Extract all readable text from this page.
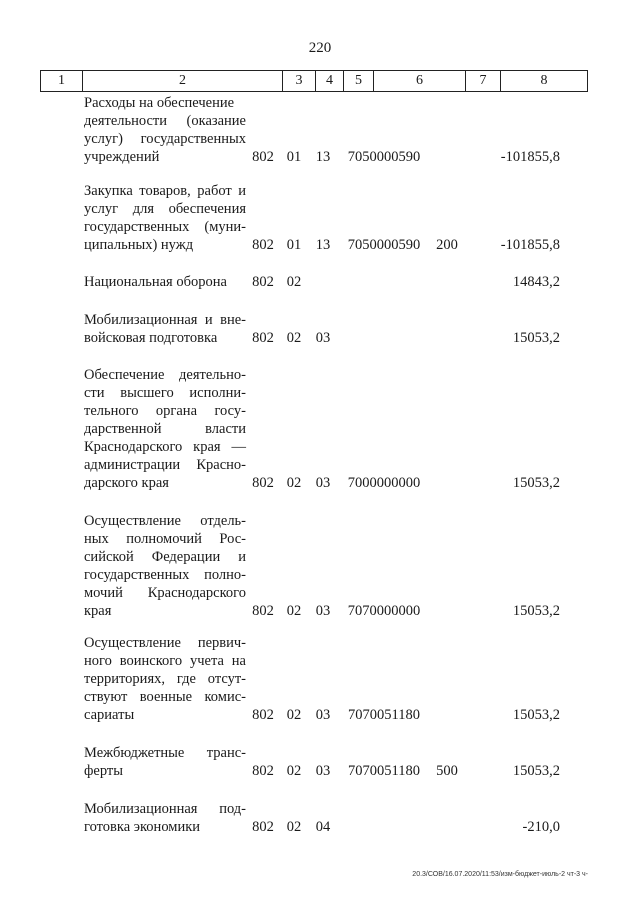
220
1	2	3	4	5	6	7	8
Расходы на обеспечение
деятельности (оказание
услуг) государственных
учреждений	802 01	13	7050000590	-101855,8
Закупка товаров, работ и
услуг для обеспечения
государственных (муни-
ципальных) нужд	802 01	13	7050000590	200	-101855,8
Национальная оборона	802 02	14843,2
Мобилизационная и вне-
войсковая подготовка	802 02	03	15053,2
Обеспечение деятельно-
сти высшего исполни-
тельного органа госу-
дарственной власти
Краснодарского края —
администрации Красно-
дарского края	802 02	03	7000000000	15053,2
Осуществление отдель-
ных полномочий Рос-
сийской Федерации и
государственных полно-
мочий Краснодарского
края	802 02	03	7070000000	15053,2
Осуществление первич-
ного воинского учета на
территориях, где отсут-
ствуют военные комис-
сариаты	802 02	03	7070051180	15053,2
Межбюджетные транс-
ферты	802 02	03	7070051180	500	15053,2
Мобилизационная под-
готовка экономики	802 02	04	-210,0
20.3/СОВ/16.07.2020/11:53/изм-бюджет-июль-2 чт-3 ч-
